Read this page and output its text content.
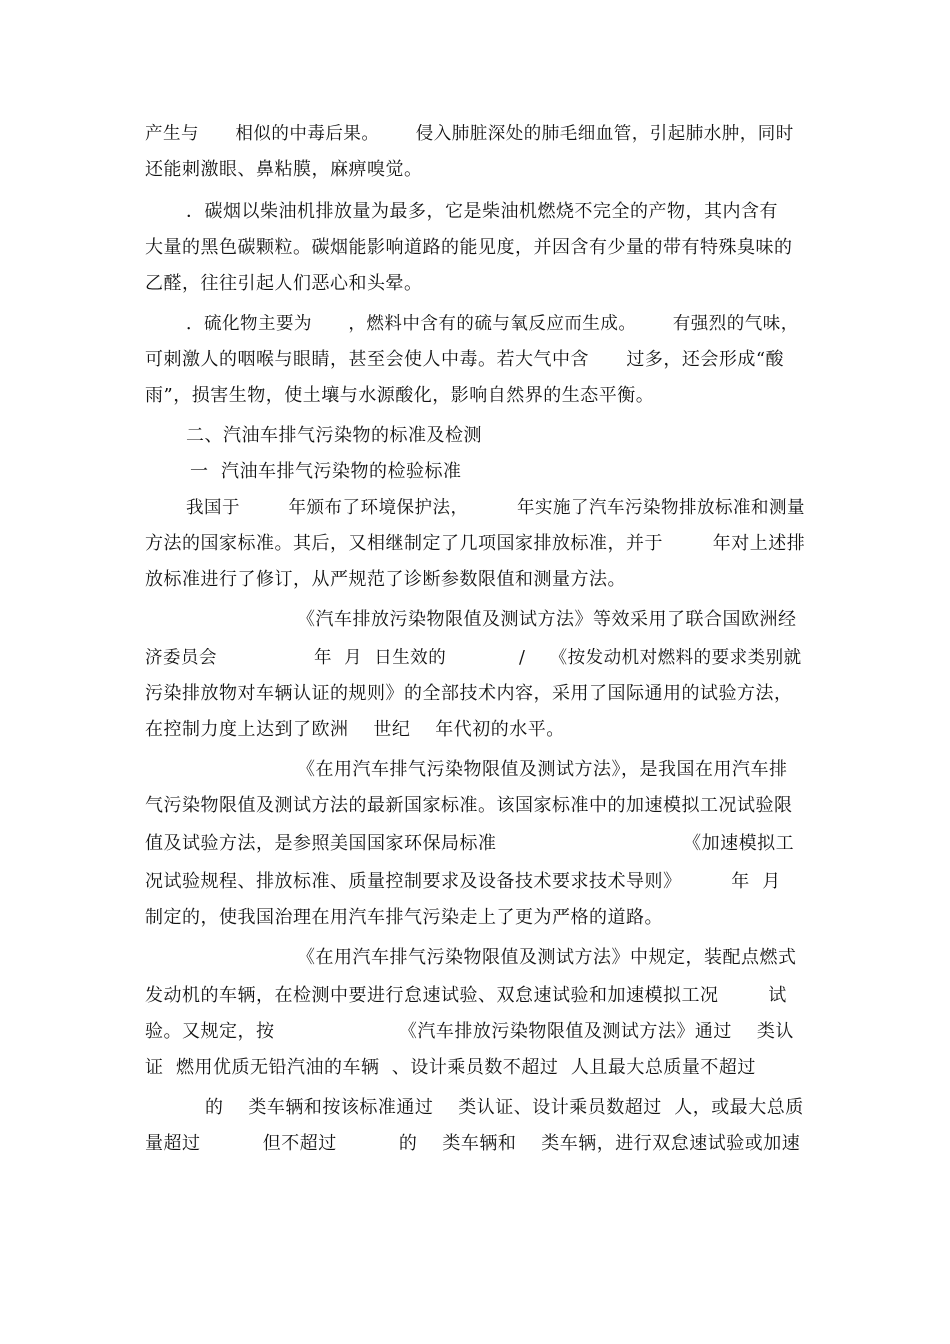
产生与      相似的中毒后果。      侵入肺脏深处的肺毛细血管，引起肺水肿，同时
还能刺激眼、鼻粘膜，麻痹嗅觉。
．碳烟以柴油机排放量为最多，它是柴油机燃烧不完全的产物，其内含有
大量的黑色碳颗粒。碳烟能影响道路的能见度，并因含有少量的带有特殊臭味的
乙醛，往往引起人们恶心和头晕。
．硫化物主要为      ，燃料中含有的硫与氧反应而生成。      有强烈的气味，
可刺激人的咽喉与眼睛，甚至会使人中毒。若大气中含      过多，还会形成“酸
雨”，损害生物，使土壤与水源酸化，影响自然界的生态平衡。
二、汽油车排气污染物的标准及检测
一  汽油车排气污染物的检验标准
我国于        年颁布了环境保护法，        年实施了汽车污染物排放标准和测量
方法的国家标准。其后，又相继制定了几项国家排放标准，并于        年对上述排
放标准进行了修订，从严规范了诊断参数限值和测量方法。
《汽车排放污染物限值及测试方法》等效采用了联合国欧洲经
济委员会                年  月  日生效的            /    《按发动机对燃料的要求类别就
污染排放物对车辆认证的规则》的全部技术内容，采用了国际通用的试验方法，
在控制力度上达到了欧洲    世纪    年代初的水平。
《在用汽车排气污染物限值及测试方法》，是我国在用汽车排
气污染物限值及测试方法的最新国家标准。该国家标准中的加速模拟工况试验限
值及试验方法，是参照美国国家环保局标准                              《加速模拟工
况试验规程、排放标准、质量控制要求及设备技术要求技术导则》        年  月
制定的，使我国治理在用汽车排气污染走上了更为严格的道路。
《在用汽车排气污染物限值及测试方法》中规定，装配点燃式
发动机的车辆，在检测中要进行怠速试验、双怠速试验和加速模拟工况        试
验。又规定，按                    《汽车排放污染物限值及测试方法》通过    类认
证  燃用优质无铅汽油的车辆  、设计乘员数不超过  人且最大总质量不超过
的    类车辆和按该标准通过    类认证、设计乘员数超过  人，或最大总质
量超过          但不超过          的    类车辆和    类车辆，进行双怠速试验或加速
